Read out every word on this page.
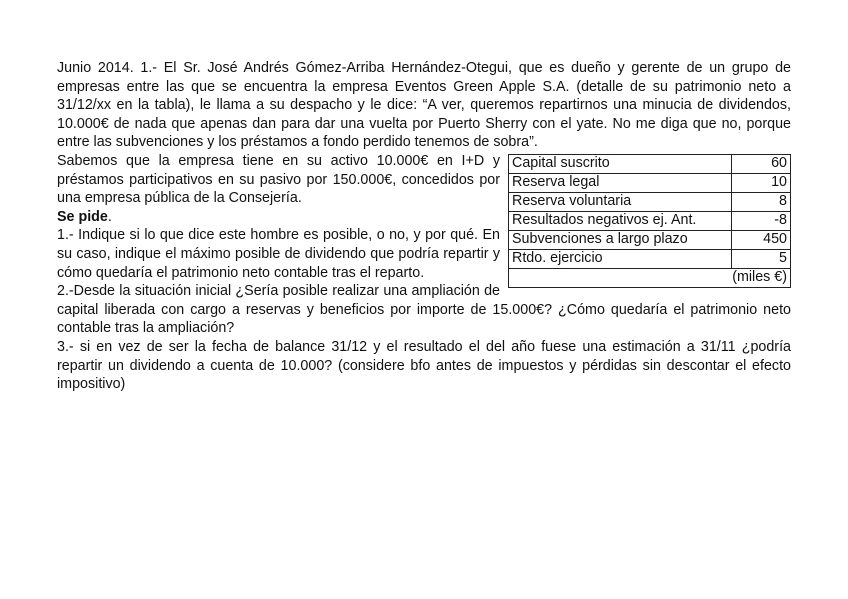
Junio 2014. 1.- El Sr. José Andrés Gómez-Arriba Hernández-Otegui, que es dueño y gerente de un grupo de empresas entre las que se encuentra la empresa Eventos Green Apple S.A. (detalle de su patrimonio neto a 31/12/xx en la tabla), le llama a su despacho y le dice: “A ver, queremos repartirnos una minucia de dividendos, 10.000€ de nada que apenas dan para dar una vuelta por Puerto Sherry con el yate. No me diga que no, porque entre las subvenciones y los préstamos a fondo perdido tenemos de sobra”.

Capital suscrito	60
Reserva legal	10
Reserva voluntaria	8
Resultados negativos ej. Ant.	-8
Subvenciones a largo plazo	450
Rtdo. ejercicio	5
(miles €)	

Sabemos que la empresa tiene en su activo 10.000€ en I+D y préstamos participativos en su pasivo por 150.000€, concedidos por una empresa pública de la Consejería.

Se pide.

1.- Indique si lo que dice este hombre es posible, o no, y por qué. En su caso, indique el máximo posible de dividendo que podría repartir y cómo quedaría el patrimonio neto contable tras el reparto.

2.-Desde la situación inicial ¿Sería posible realizar una ampliación de capital liberada con cargo a reservas y beneficios por importe de 15.000€? ¿Cómo quedaría el patrimonio neto contable tras la ampliación?

3.- si en vez de ser la fecha de balance 31/12 y el resultado el del año fuese una estimación a 31/11 ¿podría repartir un dividendo a cuenta de 10.000? (considere bfo antes de impuestos y pérdidas sin descontar el efecto impositivo)
